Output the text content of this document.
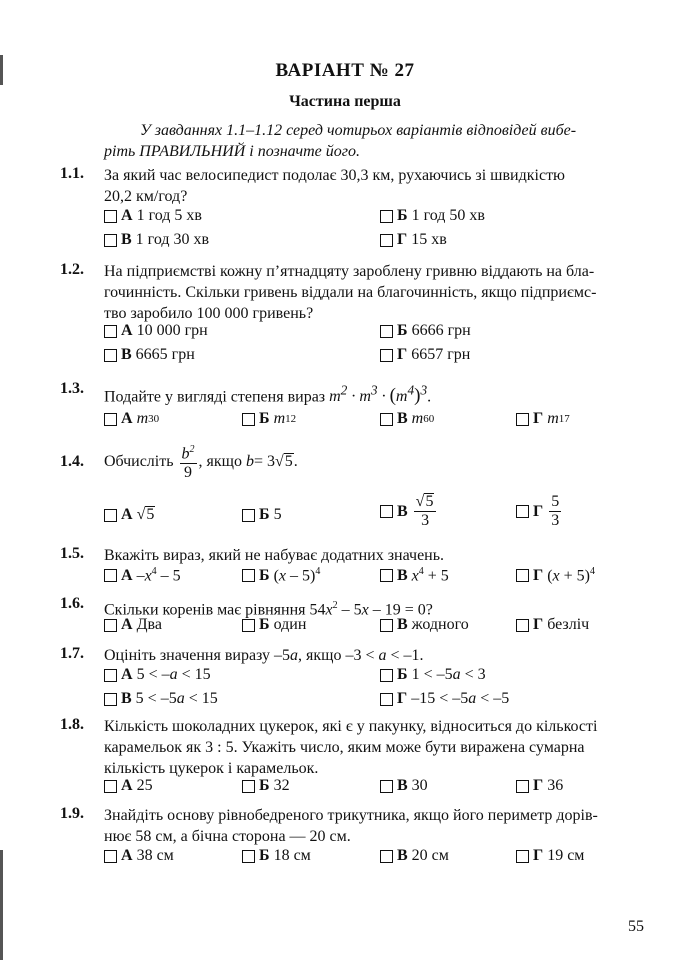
ВАРІАНТ № 27
Частина перша
У завданнях 1.1–1.12 серед чотирьох варіантів відповідей вибе-
ріть ПРАВИЛЬНИЙ і позначте його.
1.1. За який час велосипедист подолає 30,3 км, рухаючись зі швидкістю
20,2 км/год?
А 1 год 5 хв	Б 1 год 50 хв
В 1 год 30 хв	Г 15 хв
1.2. На підприємстві кожну п’ятнадцяту зароблену гривню віддають на бла-
гочинність. Скільки гривень віддали на благочинність, якщо підприємс-
тво заробило 100 000 гривень?
А 10 000 грн	Б 6666 грн
В 6665 грн	Г 6657 грн
1.3. Подайте у вигляді степеня вираз $m^2 \cdot m^3 \cdot (m^4)^3$.
А m 30	Б m 12	В m 60	Г m 17
1.4. Обчисліть $\frac{b^2}{9}$ , якщо b= 3√5.
А √5	Б 5	В $\frac{√5}{3}$	Г $\frac{5}{3}$
1.5. Вкажіть вираз, який не набуває додатних значень.
А $-x^4 - 5$	Б (x – 5)$^4$	В $x^4 + 5$	Г $(x + 5)^4$
1.6. Скільки коренів має рівняння $54x^2 - 5x - 19 = 0$?
А Два	Б один	В жодного	Г безліч
1.7. Оцініть значення виразу –5a, якщо –3 < a < –1.
А 5 < –a < 15	Б 1 < –5a < 3
В 5 < –5a < 15	Г –15 < –5a < –5
1.8. Кількість шоколадних цукерок, які є у пакунку, відноситься до кількості
карамельок як 3 : 5. Укажіть число, яким може бути виражена сумарна
кількість цукерок і карамельок.
А 25	Б 32	В 30	Г 36
1.9. Знайдіть основу рівнобедреного трикутника, якщо його периметр дорів-
нює 58 см, а бічна сторона — 20 см.
А 38 см	Б 18 см	В 20 см	Г 19 см
55
